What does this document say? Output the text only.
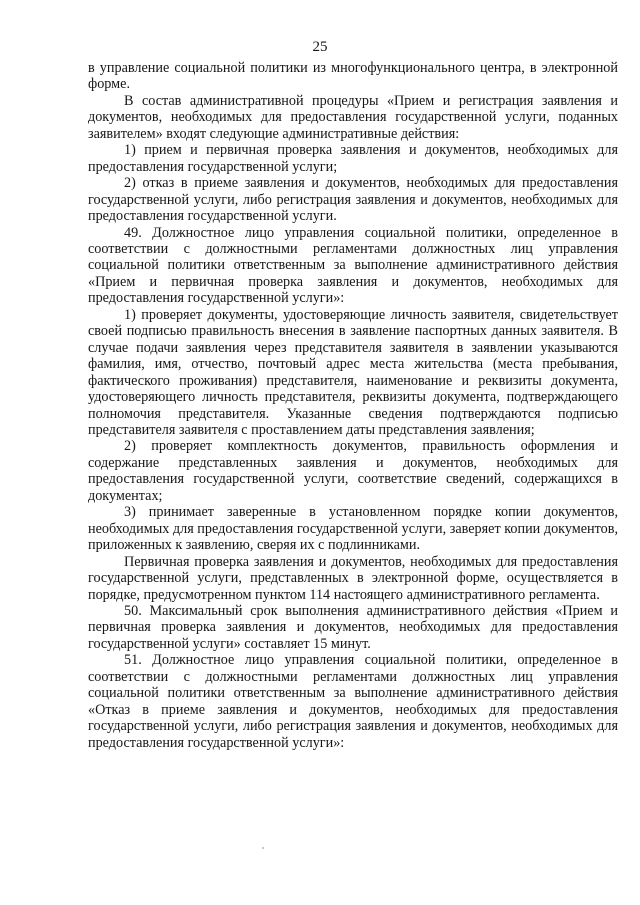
25

в управление социальной политики из многофункционального центра, в электронной форме.

В состав административной процедуры «Прием и регистрация заявления и документов, необходимых для предоставления государственной услуги, поданных заявителем» входят следующие административные действия:

1) прием и первичная проверка заявления и документов, необходимых для предоставления государственной услуги;

2) отказ в приеме заявления и документов, необходимых для предоставления государственной услуги, либо регистрация заявления и документов, необходимых для предоставления государственной услуги.

49. Должностное лицо управления социальной политики, определенное в соответствии с должностными регламентами должностных лиц управления социальной политики ответственным за выполнение административного действия «Прием и первичная проверка заявления и документов, необходимых для предоставления государственной услуги»:

1) проверяет документы, удостоверяющие личность заявителя, свидетельствует своей подписью правильность внесения в заявление паспортных данных заявителя. В случае подачи заявления через представителя заявителя в заявлении указываются фамилия, имя, отчество, почтовый адрес места жительства (места пребывания, фактического проживания) представителя, наименование и реквизиты документа, удостоверяющего личность представителя, реквизиты документа, подтверждающего полномочия представителя. Указанные сведения подтверждаются подписью представителя заявителя с проставлением даты представления заявления;

2) проверяет комплектность документов, правильность оформления и содержание представленных заявления и документов, необходимых для предоставления государственной услуги, соответствие сведений, содержащихся в документах;

3) принимает заверенные в установленном порядке копии документов, необходимых для предоставления государственной услуги, заверяет копии документов, приложенных к заявлению, сверяя их с подлинниками.

Первичная проверка заявления и документов, необходимых для предоставления государственной услуги, представленных в электронной форме, осуществляется в порядке, предусмотренном пунктом 114 настоящего административного регламента.

50. Максимальный срок выполнения административного действия «Прием и первичная проверка заявления и документов, необходимых для предоставления государственной услуги» составляет 15 минут.

51. Должностное лицо управления социальной политики, определенное в соответствии с должностными регламентами должностных лиц управления социальной политики ответственным за выполнение административного действия «Отказ в приеме заявления и документов, необходимых для предоставления государственной услуги, либо регистрация заявления и документов, необходимых для предоставления государственной услуги»:
